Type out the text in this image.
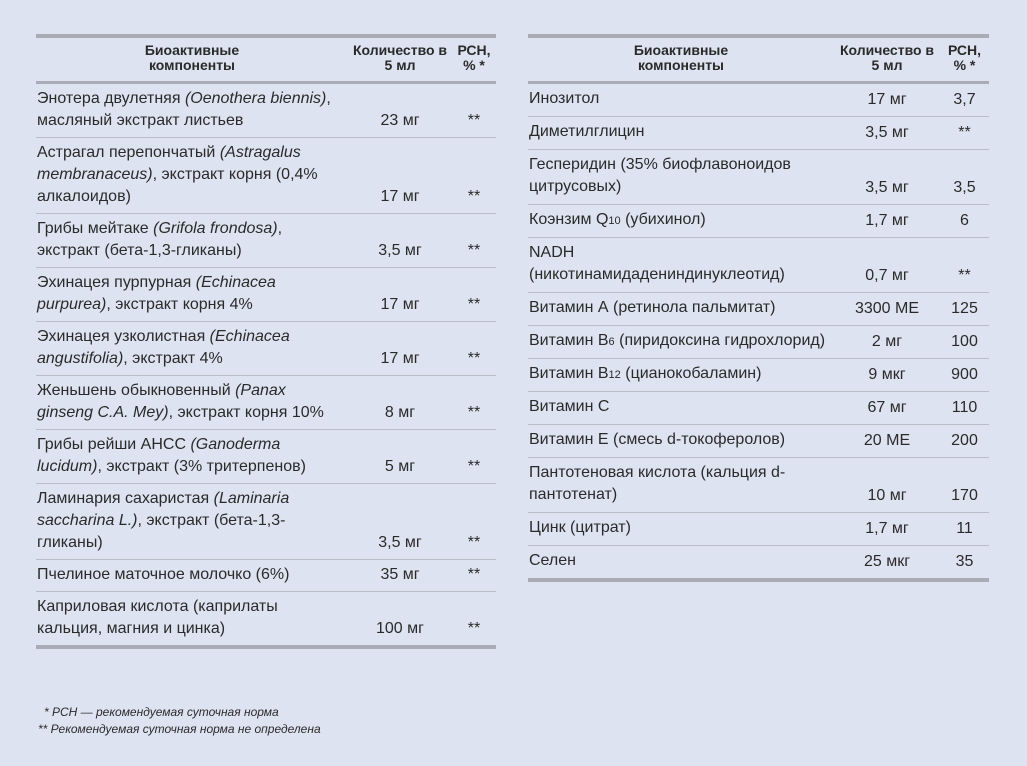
Биоактивные компоненты	Количество в 5 мл	РСН, % *

Энотера двулетняя (Oenothera biennis), масляный экстракт листьев	23 мг	**
Астрагал перепончатый (Astragalus membranaceus), экстракт корня (0,4% алкалоидов)	17 мг	**
Грибы мейтаке (Grifola frondosa), экстракт (бета-1,3-гликаны)	3,5 мг	**
Эхинацея пурпурная (Echinacea purpurea), экстракт корня 4%	17 мг	**
Эхинацея узколистная (Echinacea angustifolia), экстракт 4%	17 мг	**
Женьшень обыкновенный (Panax ginseng C.A. Mey), экстракт корня 10%	8 мг	**
Грибы рейши AHCC (Ganoderma lucidum), экстракт (3% тритерпенов)	5 мг	**
Ламинария сахаристая (Laminaria saccharina L.), экстракт (бета-1,3-гликаны)	3,5 мг	**
Пчелиное маточное молочко (6%)	35 мг	**
Каприловая кислота (каприлаты кальция, магния и цинка)	100 мг	**
Биоактивные компоненты	Количество в 5 мл	РСН, % *

Инозитол	17 мг	3,7
Диметилглицин	3,5 мг	**
Гесперидин (35% биофлавоноидов цитрусовых)	3,5 мг	3,5
Коэнзим Q10 (убихинол)	1,7 мг	6
NADH (никотинамидадениндинуклеотид)	0,7 мг	**
Витамин А (ретинола пальмитат)	3300 МЕ	125
Витамин В6 (пиридоксина гидрохлорид)	2 мг	100
Витамин В12 (цианокобаламин)	9 мкг	900
Витамин С	67 мг	110
Витамин Е (смесь d-токоферолов)	20 МЕ	200
Пантотеновая кислота (кальция d-пантотенат)	10 мг	170
Цинк (цитрат)	1,7 мг	11
Селен	25 мкг	35
* РСН — рекомендуемая суточная норма
** Рекомендуемая суточная норма не определена
